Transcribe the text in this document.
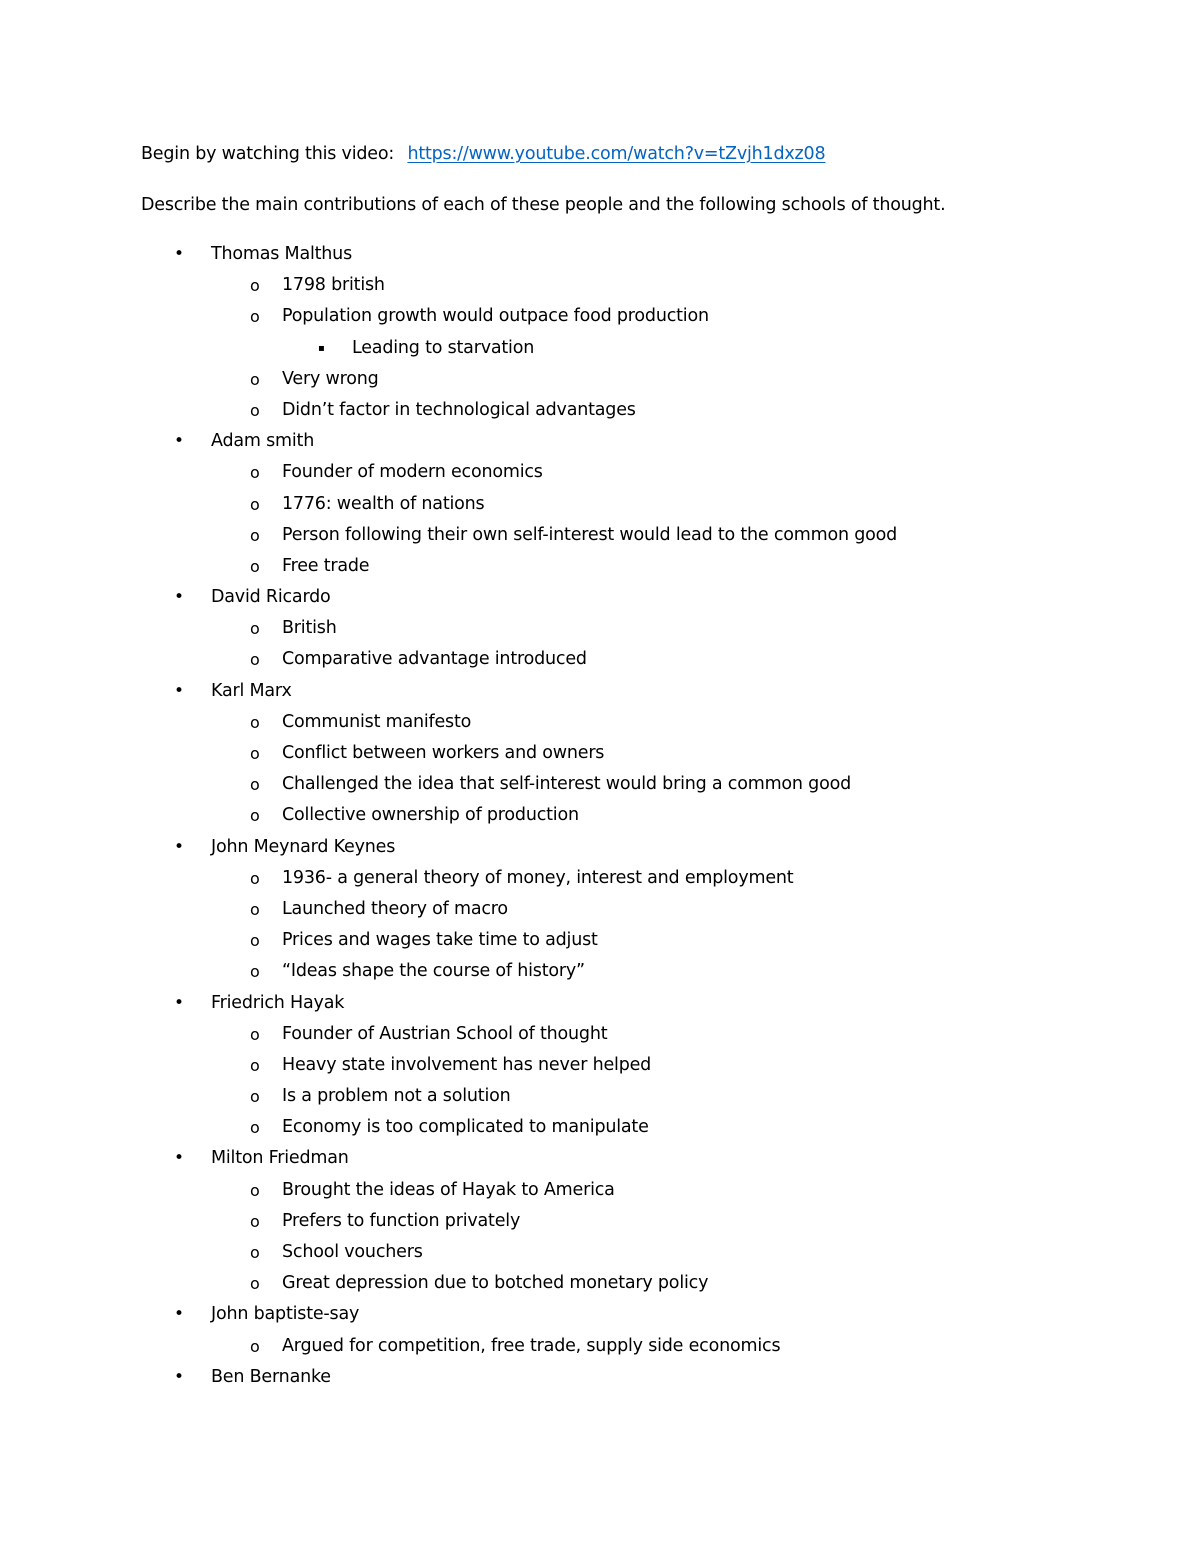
Begin by watching this video: https://www.youtube.com/watch?v=tZvjh1dxz08
Describe the main contributions of each of these people and the following schools of thought.
• Thomas Malthus
o 1798 british
o Population growth would outpace food production
▪ Leading to starvation
o Very wrong
o Didn’t factor in technological advantages
• Adam smith
o Founder of modern economics
o 1776: wealth of nations
o Person following their own self-interest would lead to the common good
o Free trade
• David Ricardo
o British
o Comparative advantage introduced
• Karl Marx
o Communist manifesto
o Conflict between workers and owners
o Challenged the idea that self-interest would bring a common good
o Collective ownership of production
• John Meynard Keynes
o 1936- a general theory of money, interest and employment
o Launched theory of macro
o Prices and wages take time to adjust
o “Ideas shape the course of history”
• Friedrich Hayak
o Founder of Austrian School of thought
o Heavy state involvement has never helped
o Is a problem not a solution
o Economy is too complicated to manipulate
• Milton Friedman
o Brought the ideas of Hayak to America
o Prefers to function privately
o School vouchers
o Great depression due to botched monetary policy
• John baptiste-say
o Argued for competition, free trade, supply side economics
• Ben Bernanke
